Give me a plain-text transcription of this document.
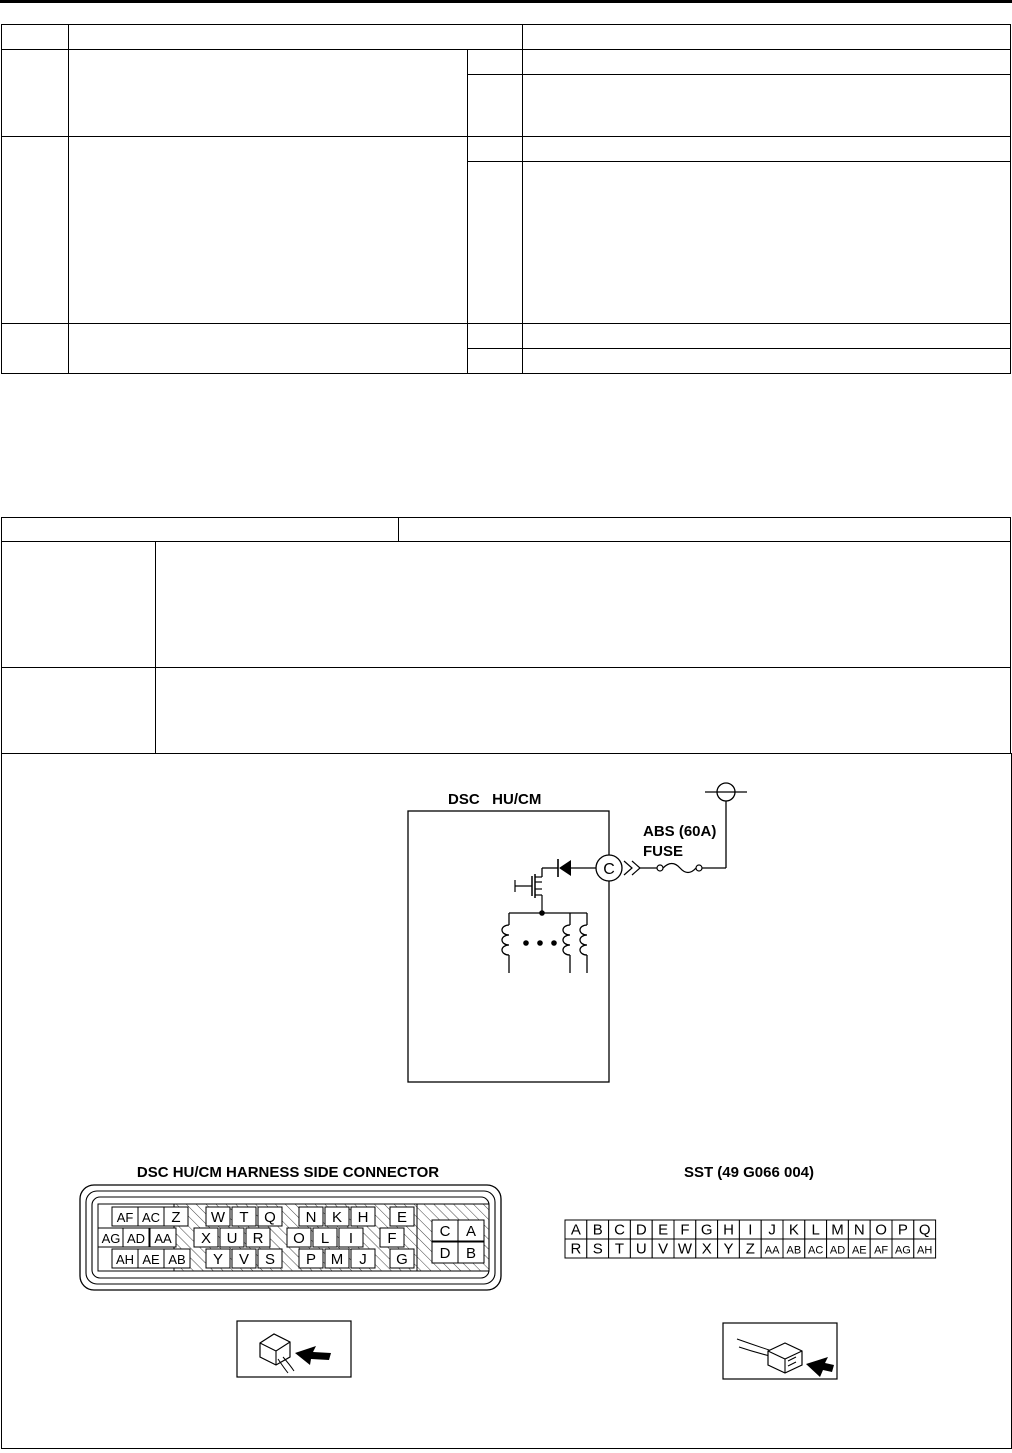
DSC   HU/CM
C
ABS (60A)
FUSE
DSC HU/CM HARNESS SIDE CONNECTOR
AF AC Z W T Q N K H E
AG AD AA X U R O L I F
AH AE AB Y V S P M J G
C A
D B
SST (49 G066 004)
A B C D E F G H I J K L M N O P Q
R S T U V W X Y Z AA AB AC AD AE AF AG AH
